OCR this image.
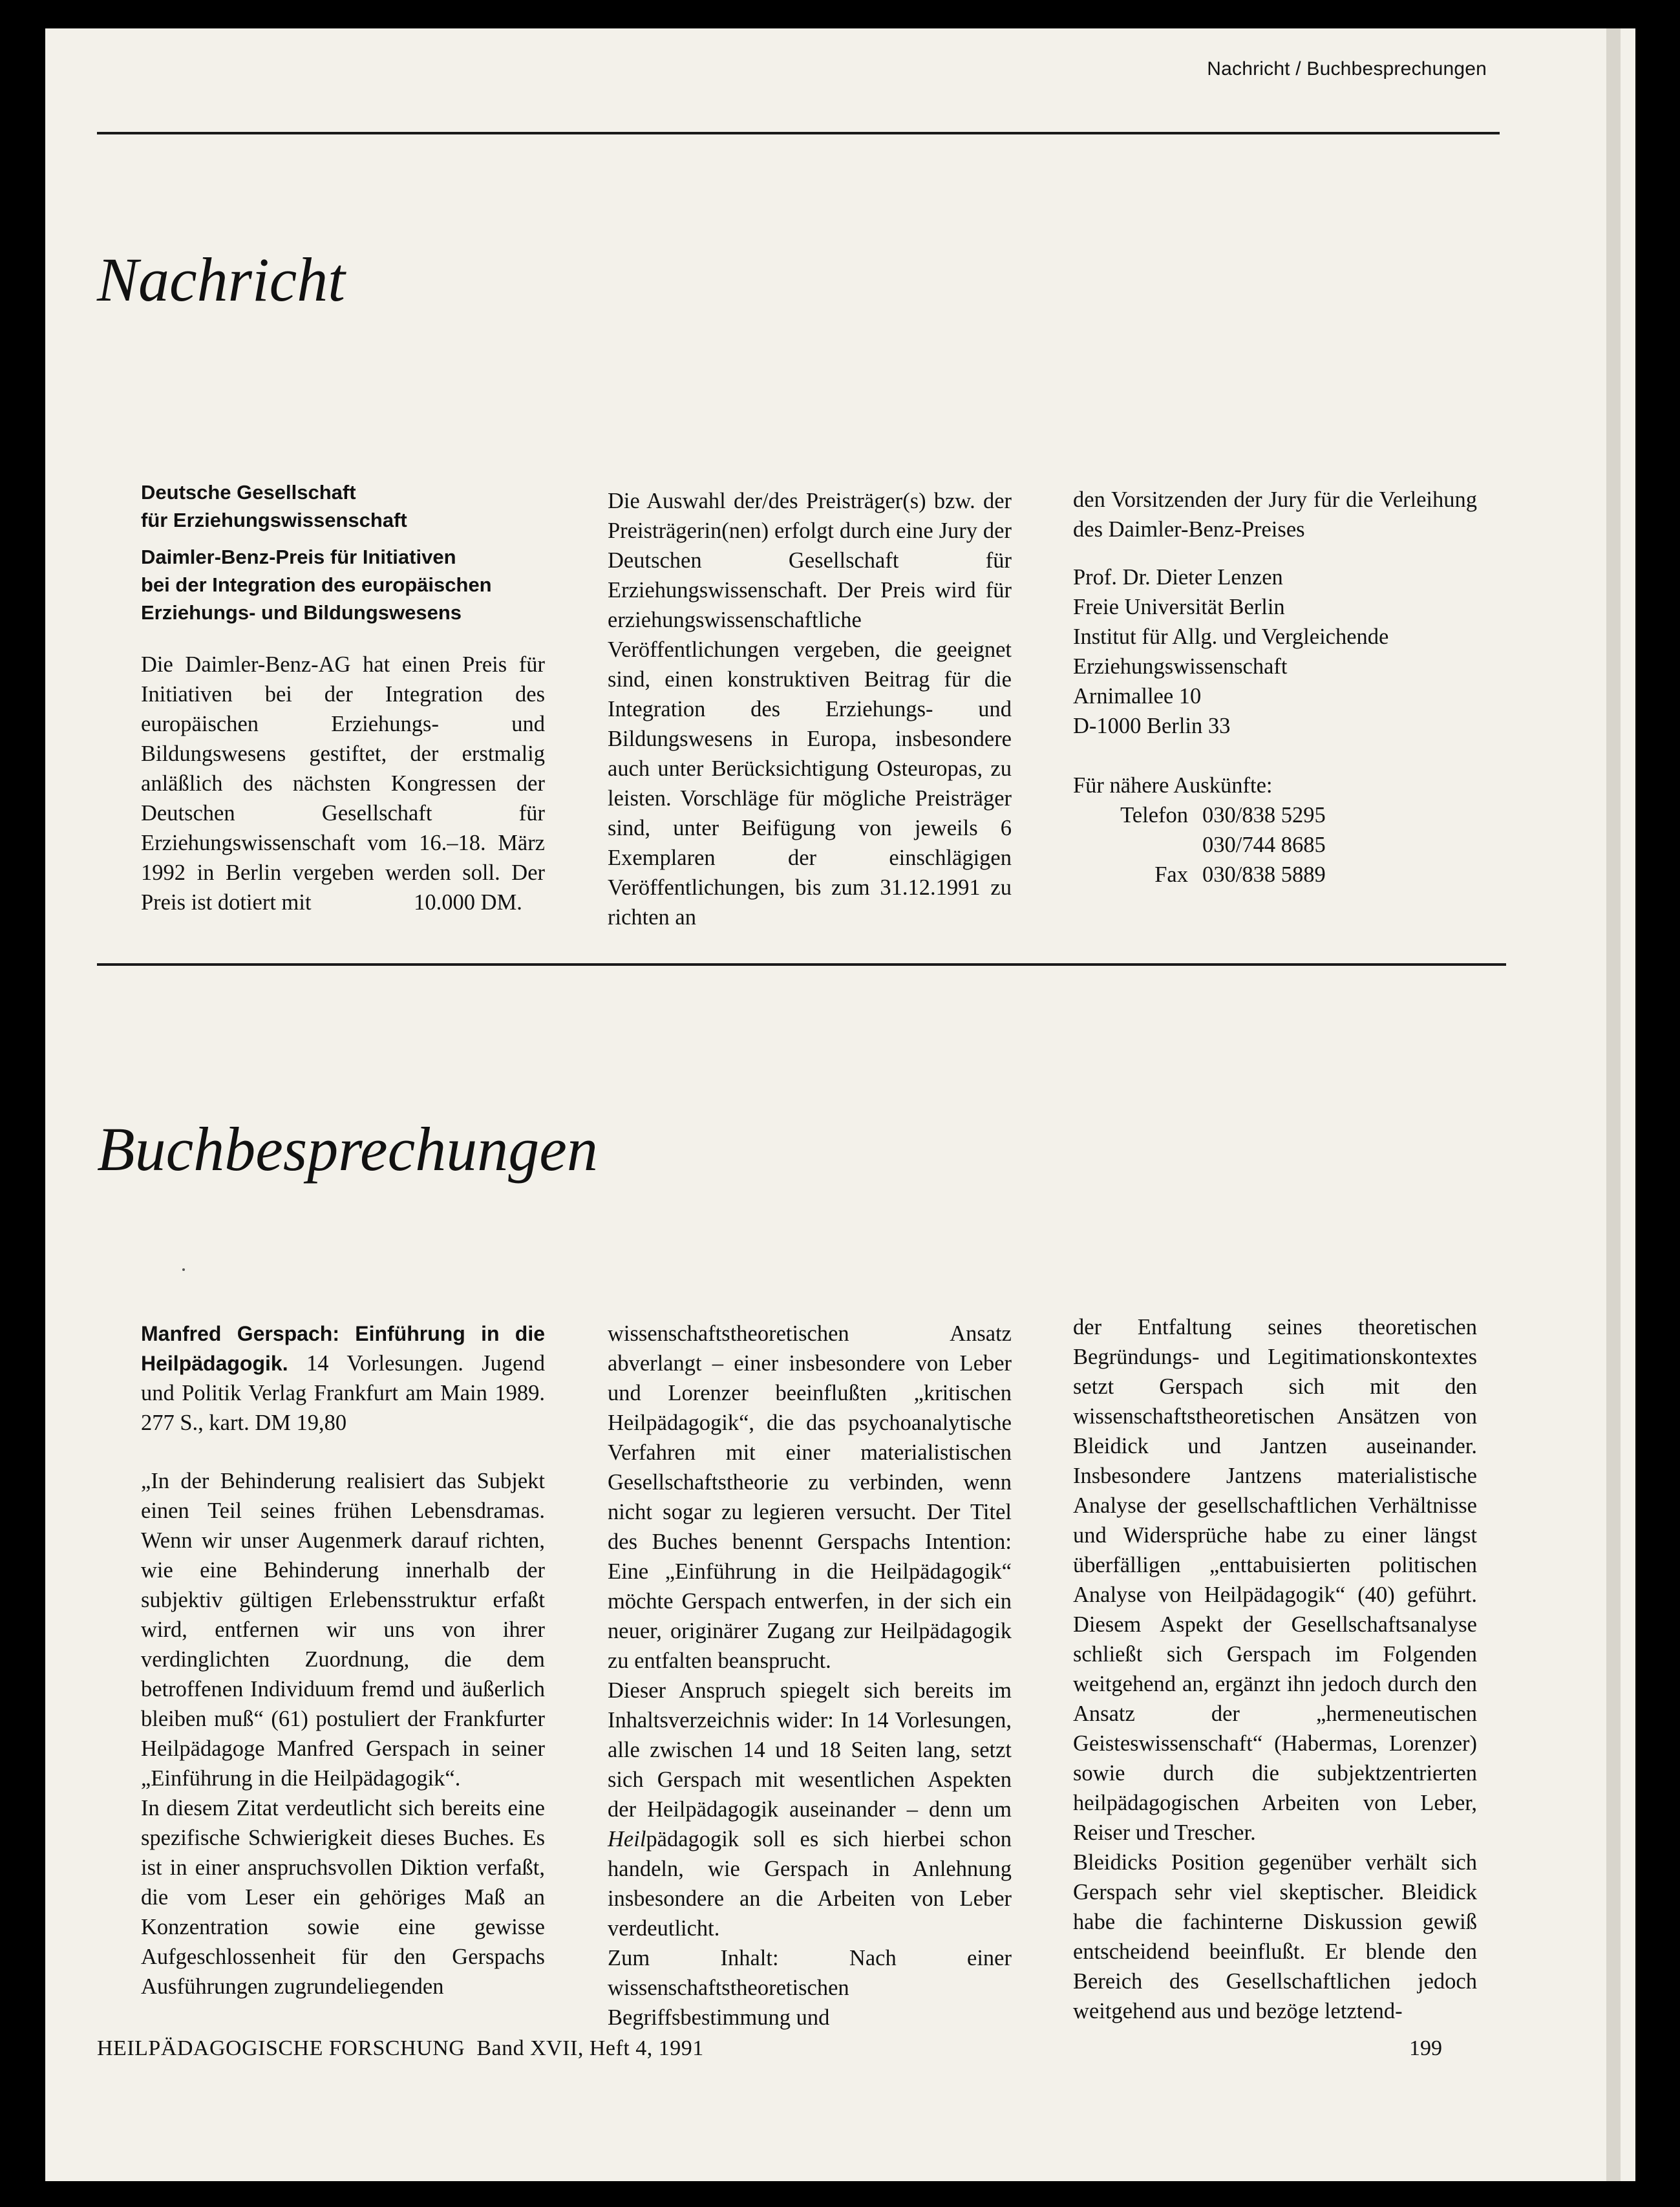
Nachricht / Buchbesprechungen
Nachricht

Deutsche Gesellschaft
für Erziehungswissenschaft

Daimler-Benz-Preis für Initiativen
bei der Integration des europäischen
Erziehungs- und Bildungswesens

Die Daimler-Benz-AG hat einen Preis für Initiativen bei der Integration des europäischen Erziehungs- und Bildungswesens gestiftet, der erstmalig anläßlich des nächsten Kongressen der Deutschen Gesellschaft für Erziehungswissenschaft vom 16.–18. März 1992 in Berlin vergeben werden soll. Der Preis ist dotiert mit	10.000 DM.

Die Auswahl der/des Preisträger(s) bzw. der Preisträgerin(nen) erfolgt durch eine Jury der Deutschen Gesellschaft für Erziehungswissenschaft. Der Preis wird für erziehungswissenschaftliche Veröffentlichungen vergeben, die geeignet sind, einen konstruktiven Beitrag für die Integration des Erziehungs- und Bildungswesens in Europa, insbesondere auch unter Berücksichtigung Osteuropas, zu leisten. Vorschläge für mögliche Preisträger sind, unter Beifügung von jeweils 6 Exemplaren der einschlägigen Veröffentlichungen, bis zum 31.12.1991 zu richten an

den Vorsitzenden der Jury für die Verleihung des Daimler-Benz-Preises

Prof. Dr. Dieter Lenzen
Freie Universität Berlin
Institut für Allg. und Vergleichende
Erziehungswissenschaft
Arnimallee 10
D-1000 Berlin 33
Für nähere Auskünfte:
Telefon 030/838 5295
030/744 8685
Fax 030/838 5889
Buchbesprechungen

Manfred Gerspach: Einführung in die Heilpädagogik. 14 Vorlesungen. Jugend und Politik Verlag Frankfurt am Main 1989. 277 S., kart. DM 19,80

„In der Behinderung realisiert das Subjekt einen Teil seines frühen Lebensdramas. Wenn wir unser Augenmerk darauf richten, wie eine Behinderung innerhalb der subjektiv gültigen Erlebensstruktur erfaßt wird, entfernen wir uns von ihrer verdinglichten Zuordnung, die dem betroffenen Individuum fremd und äußerlich bleiben muß“ (61) postuliert der Frankfurter Heilpädagoge Manfred Gerspach in seiner „Einführung in die Heilpädagogik“.

In diesem Zitat verdeutlicht sich bereits eine spezifische Schwierigkeit dieses Buches. Es ist in einer anspruchsvollen Diktion verfaßt, die vom Leser ein gehöriges Maß an Konzentration sowie eine gewisse Aufgeschlossenheit für den Gerspachs Ausführungen zugrundeliegenden

wissenschaftstheoretischen Ansatz abverlangt – einer insbesondere von Leber und Lorenzer beeinflußten „kritischen Heilpädagogik“, die das psychoanalytische Verfahren mit einer materialistischen Gesellschaftstheorie zu verbinden, wenn nicht sogar zu legieren versucht. Der Titel des Buches benennt Gerspachs Intention: Eine „Einführung in die Heilpädagogik“ möchte Gerspach entwerfen, in der sich ein neuer, originärer Zugang zur Heilpädagogik zu entfalten beansprucht.

Dieser Anspruch spiegelt sich bereits im Inhaltsverzeichnis wider: In 14 Vorlesungen, alle zwischen 14 und 18 Seiten lang, setzt sich Gerspach mit wesentlichen Aspekten der Heilpädagogik auseinander – denn um Heilpädagogik soll es sich hierbei schon handeln, wie Gerspach in Anlehnung insbesondere an die Arbeiten von Leber verdeutlicht.

Zum Inhalt: Nach einer wissenschaftstheoretischen Begriffsbestimmung und

der Entfaltung seines theoretischen Begründungs- und Legitimationskontextes setzt Gerspach sich mit den wissenschaftstheoretischen Ansätzen von Bleidick und Jantzen auseinander. Insbesondere Jantzens materialistische Analyse der gesellschaftlichen Verhältnisse und Widersprüche habe zu einer längst überfälligen „enttabuisierten politischen Analyse von Heilpädagogik“ (40) geführt. Diesem Aspekt der Gesellschaftsanalyse schließt sich Gerspach im Folgenden weitgehend an, ergänzt ihn jedoch durch den Ansatz der „hermeneutischen Geisteswissenschaft“ (Habermas, Lorenzer) sowie durch die subjektzentrierten heilpädagogischen Arbeiten von Leber, Reiser und Trescher.

Bleidicks Position gegenüber verhält sich Gerspach sehr viel skeptischer. Bleidick habe die fachinterne Diskussion gewiß entscheidend beeinflußt. Er blende den Bereich des Gesellschaftlichen jedoch weitgehend aus und bezöge letztend-

HEILPÄDAGOGISCHE FORSCHUNG Band XVII, Heft 4, 1991	199
